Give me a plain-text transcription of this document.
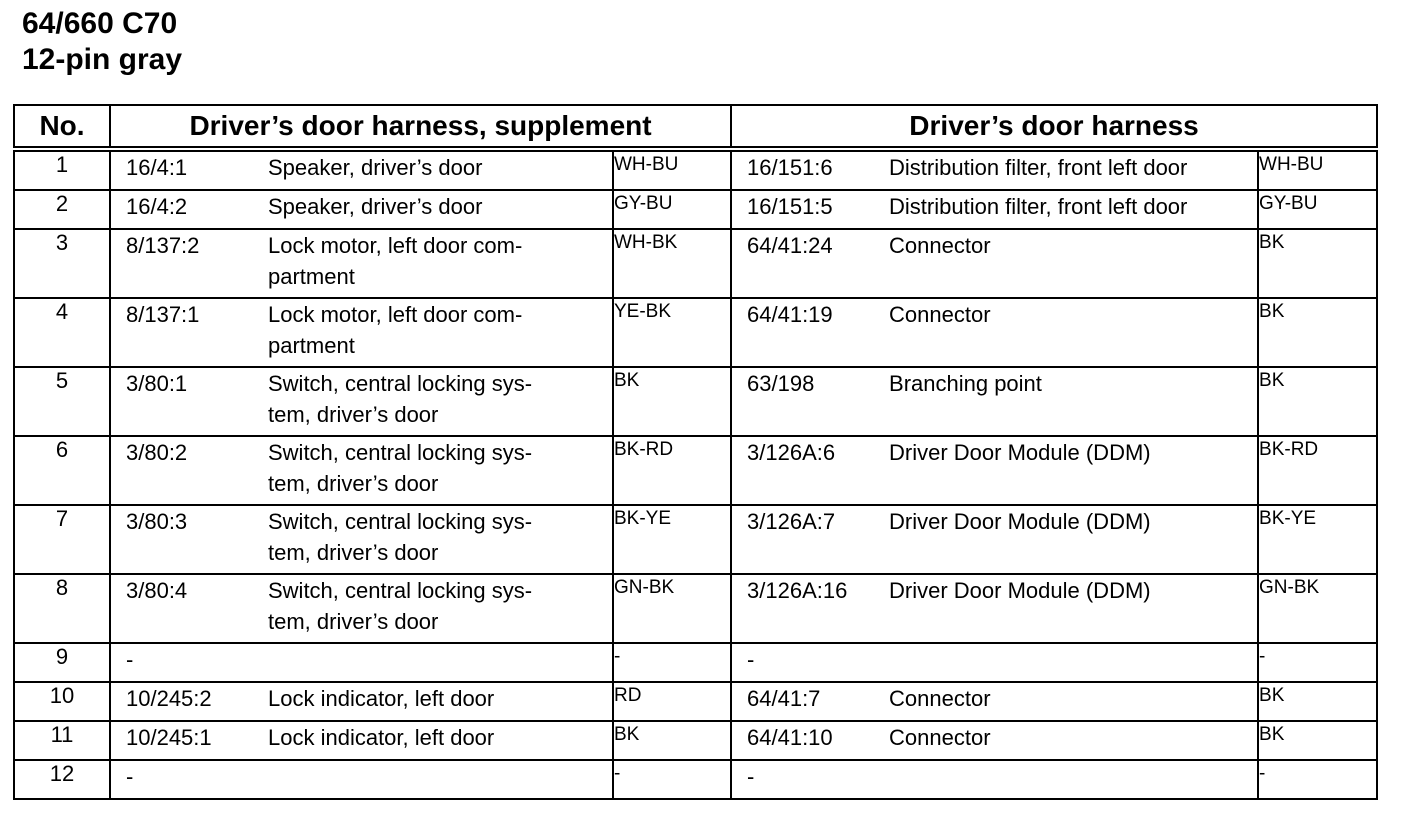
64/660 C70
12-pin gray
No.	Driver’s door harness, supplement		Driver’s door harness	
1	16/4:1 Speaker, driver’s door	WH-BU	16/151:6 Distribution filter, front left door	WH-BU
2	16/4:2 Speaker, driver’s door	GY-BU	16/151:5 Distribution filter, front left door	GY-BU
3	8/137:2 Lock motor, left door com-
partment	WH-BK	64/41:24 Connector	BK
4	8/137:1 Lock motor, left door com-
partment	YE-BK	64/41:19 Connector	BK
5	3/80:1 Switch, central locking sys-
tem, driver’s door	BK	63/198 Branching point	BK
6	3/80:2 Switch, central locking sys-
tem, driver’s door	BK-RD	3/126A:6 Driver Door Module (DDM)	BK-RD
7	3/80:3 Switch, central locking sys-
tem, driver’s door	BK-YE	3/126A:7 Driver Door Module (DDM)	BK-YE
8	3/80:4 Switch, central locking sys-
tem, driver’s door	GN-BK	3/126A:16 Driver Door Module (DDM)	GN-BK
9	-	-	-	-
10	10/245:2 Lock indicator, left door	RD	64/41:7 Connector	BK
11	10/245:1 Lock indicator, left door	BK	64/41:10 Connector	BK
12	-	-	-	-
